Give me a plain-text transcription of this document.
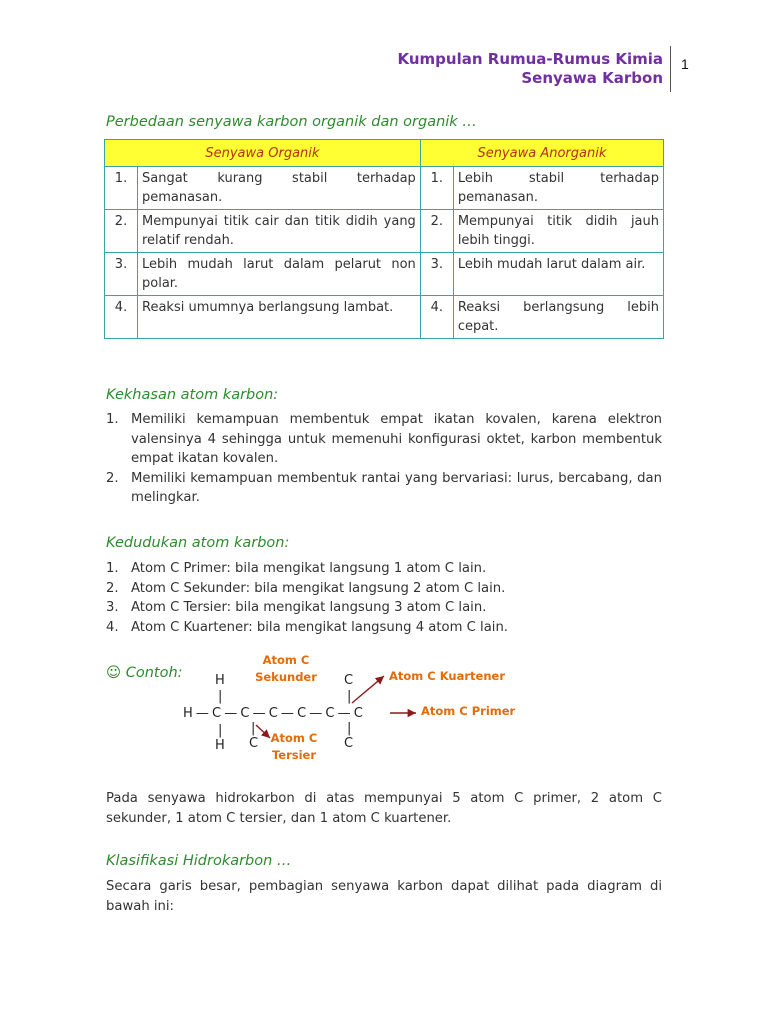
Kumpulan Rumua-Rumus Kimia
Senyawa Karbon
1
Perbedaan senyawa karbon organik dan organik …
Senyawa Organik		Senyawa Anorganik	
1.	Sangat kurang stabil terhadap pemanasan.	1.	Lebih stabil terhadap pemanasan.
2.	Mempunyai titik cair dan titik didih yang relatif rendah.	2.	Mempunyai titik didih jauh lebih tinggi.
3.	Lebih mudah larut dalam pelarut non polar.	3.	Lebih mudah larut dalam air.
4.	Reaksi umumnya berlangsung lambat.	4.	Reaksi berlangsung lebih cepat.
Kekhasan atom karbon:
1. Memiliki kemampuan membentuk empat ikatan kovalen, karena elektron valensinya 4 sehingga untuk memenuhi konfigurasi oktet, karbon membentuk empat ikatan kovalen.
2. Memiliki kemampuan membentuk rantai yang bervariasi: lurus, bercabang, dan melingkar.
Kedudukan atom karbon:
1. Atom C Primer: bila mengikat langsung 1 atom C lain.
2. Atom C Sekunder: bila mengikat langsung 2 atom C lain.
3. Atom C Tersier: bila mengikat langsung 3 atom C lain.
4. Atom C Kuartener: bila mengikat langsung 4 atom C lain.
☺ Contoh: H
|
C
|
H — C — C — C — C — C — C
| |	|
H C	C
Atom C
Sekunder	Atom C Kuartener
Atom C Primer
Atom C
Tersier
Pada senyawa hidrokarbon di atas mempunyai 5 atom C primer, 2 atom C sekunder, 1 atom C tersier, dan 1 atom C kuartener.
Klasifikasi Hidrokarbon …
Secara garis besar, pembagian senyawa karbon dapat dilihat pada diagram di bawah ini:
